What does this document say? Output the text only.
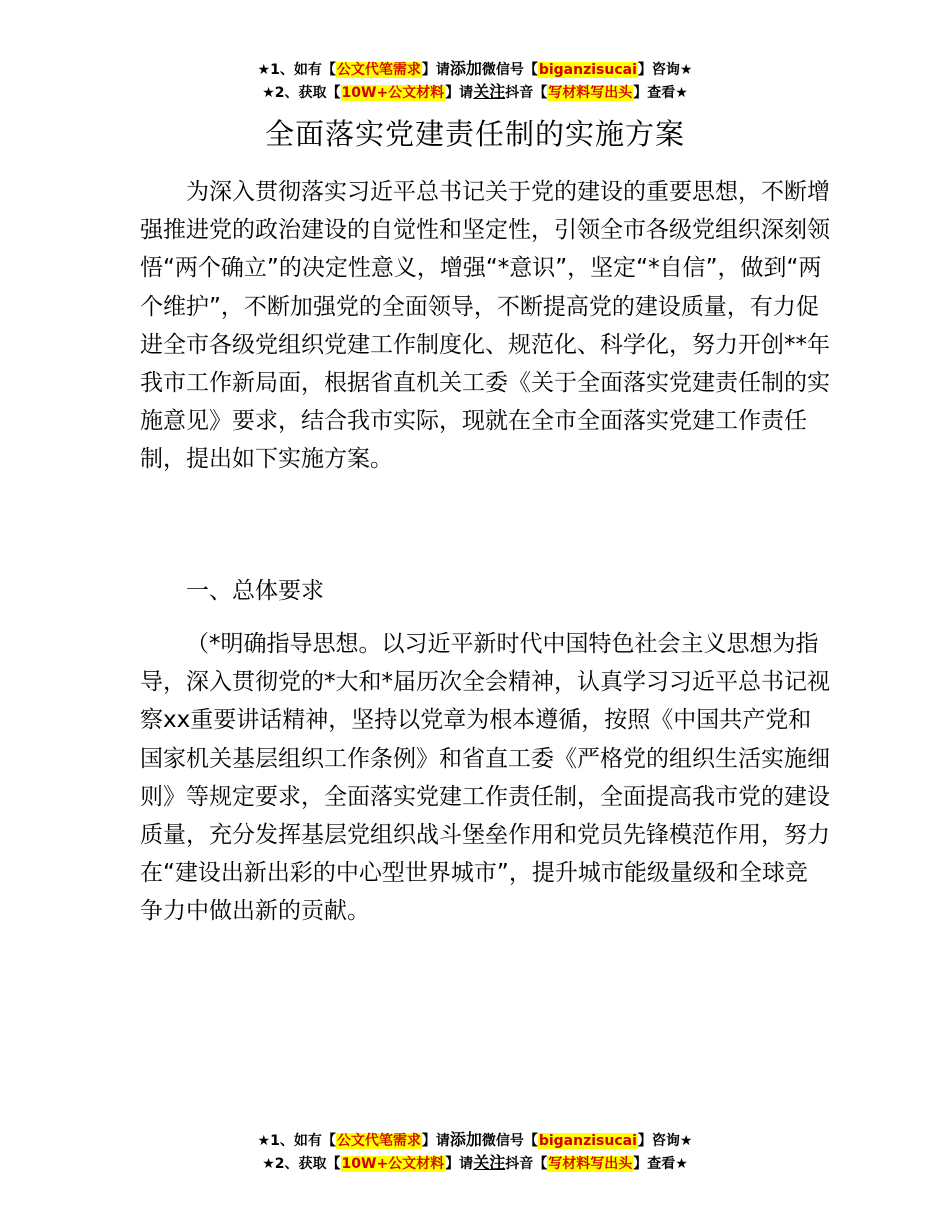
★1、如有【公文代笔需求】请添加微信号【biganzisucai】咨询★
★2、获取【10W+公文材料】请关注抖音【写材料写出头】查看★
全面落实党建责任制的实施方案

为深入贯彻落实习近平总书记关于党的建设的重要思想，不断增强推进党的政治建设的自觉性和坚定性，引领全市各级党组织深刻领悟“两个确立”的决定性意义，增强“*意识”，坚定“*自信”，做到“两个维护”，不断加强党的全面领导，不断提高党的建设质量，有力促进全市各级党组织党建工作制度化、规范化、科学化，努力开创**年我市工作新局面，根据省直机关工委《关于全面落实党建责任制的实施意见》要求，结合我市实际，现就在全市全面落实党建工作责任制，提出如下实施方案。

一、总体要求

（*明确指导思想。以习近平新时代中国特色社会主义思想为指导，深入贯彻党的*大和*届历次全会精神，认真学习习近平总书记视察xx重要讲话精神，坚持以党章为根本遵循，按照《中国共产党和国家机关基层组织工作条例》和省直工委《严格党的组织生活实施细则》等规定要求，全面落实党建工作责任制，全面提高我市党的建设质量，充分发挥基层党组织战斗堡垒作用和党员先锋模范作用，努力在“建设出新出彩的中心型世界城市”，提升城市能级量级和全球竞争力中做出新的贡献。

★1、如有【公文代笔需求】请添加微信号【biganzisucai】咨询★
★2、获取【10W+公文材料】请关注抖音【写材料写出头】查看★
